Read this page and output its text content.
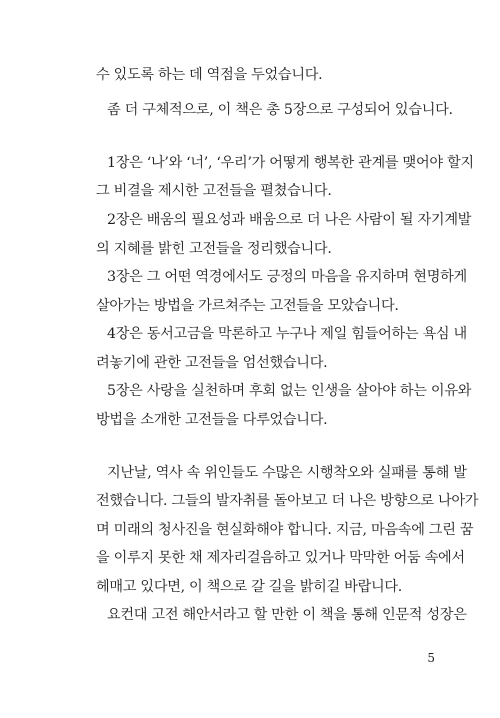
수 있도록 하는 데 역점을 두었습니다.
좀 더 구체적으로, 이 책은 총 5장으로 구성되어 있습니다.
1장은 ‘나’와 ‘너’, ‘우리’가 어떻게 행복한 관계를 맺어야 할지
그 비결을 제시한 고전들을 펼쳤습니다.
2장은 배움의 필요성과 배움으로 더 나은 사람이 될 자기계발
의 지혜를 밝힌 고전들을 정리했습니다.
3장은 그 어떤 역경에서도 긍정의 마음을 유지하며 현명하게
살아가는 방법을 가르쳐주는 고전들을 모았습니다.
4장은 동서고금을 막론하고 누구나 제일 힘들어하는 욕심 내
려놓기에 관한 고전들을 엄선했습니다.
5장은 사랑을 실천하며 후회 없는 인생을 살아야 하는 이유와
방법을 소개한 고전들을 다루었습니다.
지난날, 역사 속 위인들도 수많은 시행착오와 실패를 통해 발
전했습니다. 그들의 발자취를 돌아보고 더 나은 방향으로 나아가
며 미래의 청사진을 현실화해야 합니다. 지금, 마음속에 그린 꿈
을 이루지 못한 채 제자리걸음하고 있거나 막막한 어둠 속에서
헤매고 있다면, 이 책으로 갈 길을 밝히길 바랍니다.
요컨대 고전 해안서라고 할 만한 이 책을 통해 인문적 성장은
5
